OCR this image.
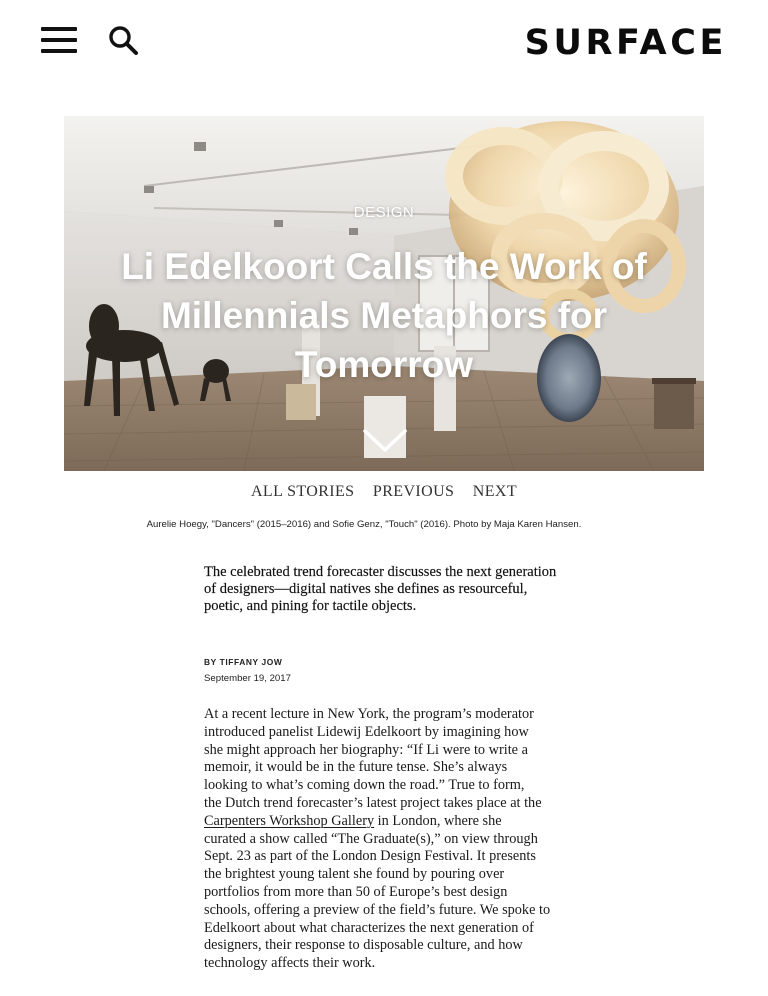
SURFACE
DESIGN
Li Edelkoort Calls the Work of Millennials Metaphors for Tomorrow
ALL STORIES PREVIOUS NEXT
Aurelie Hoegy, "Dancers" (2015–2016) and Sofie Genz, "Touch" (2016). Photo by Maja Karen Hansen.
The celebrated trend forecaster discusses the next generation of designers—digital natives she defines as resourceful, poetic, and pining for tactile objects.
BY TIFFANY JOW
September 19, 2017
At a recent lecture in New York, the program’s moderator
introduced panelist Lidewij Edelkoort by imagining how
she might approach her biography: “If Li were to write a
memoir, it would be in the future tense. She’s always
looking to what’s coming down the road.” True to form,
the Dutch trend forecaster’s latest project takes place at the
Carpenters Workshop Gallery in London, where she
curated a show called “The Graduate(s),” on view through
Sept. 23 as part of the London Design Festival. It presents
the brightest young talent she found by pouring over
portfolios from more than 50 of Europe’s best design
schools, offering a preview of the field’s future. We spoke to
Edelkoort about what characterizes the next generation of
designers, their response to disposable culture, and how
technology affects their work.
